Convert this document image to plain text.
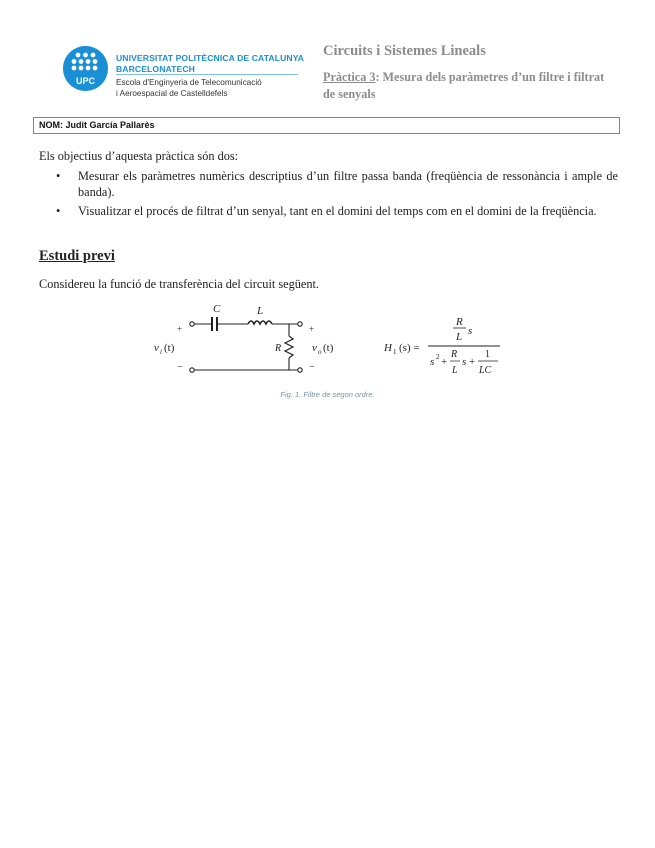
UPC
UNIVERSITAT POLITÈCNICA DE CATALUNYA
BARCELONATECH
Escola d'Enginyeria de Telecomunicació
i Aeroespacial de Castelldefels
Circuits i Sistemes Lineals
Pràctica 3: Mesura dels paràmetres d’un filtre i filtrat de senyals
NOM: Judit García Pallarès
Els objectius d’aquesta pràctica són dos:
• Mesurar els paràmetres numèrics descriptius d’un filtre passa banda (freqüència de ressonància i ample de banda).
• Visualitzar el procés de filtrat d’un senyal, tant en el domini del temps com en el domini de la freqüència.
Estudi previ
Considereu la funció de transferència del circuit següent.
C	L
R
+
−
+
−
v i (t)	v o (t)	H 1 (s) =
R
L s
s 2 +
R
L
s +
1
LC
Fig. 1. Filtre de segon ordre.
